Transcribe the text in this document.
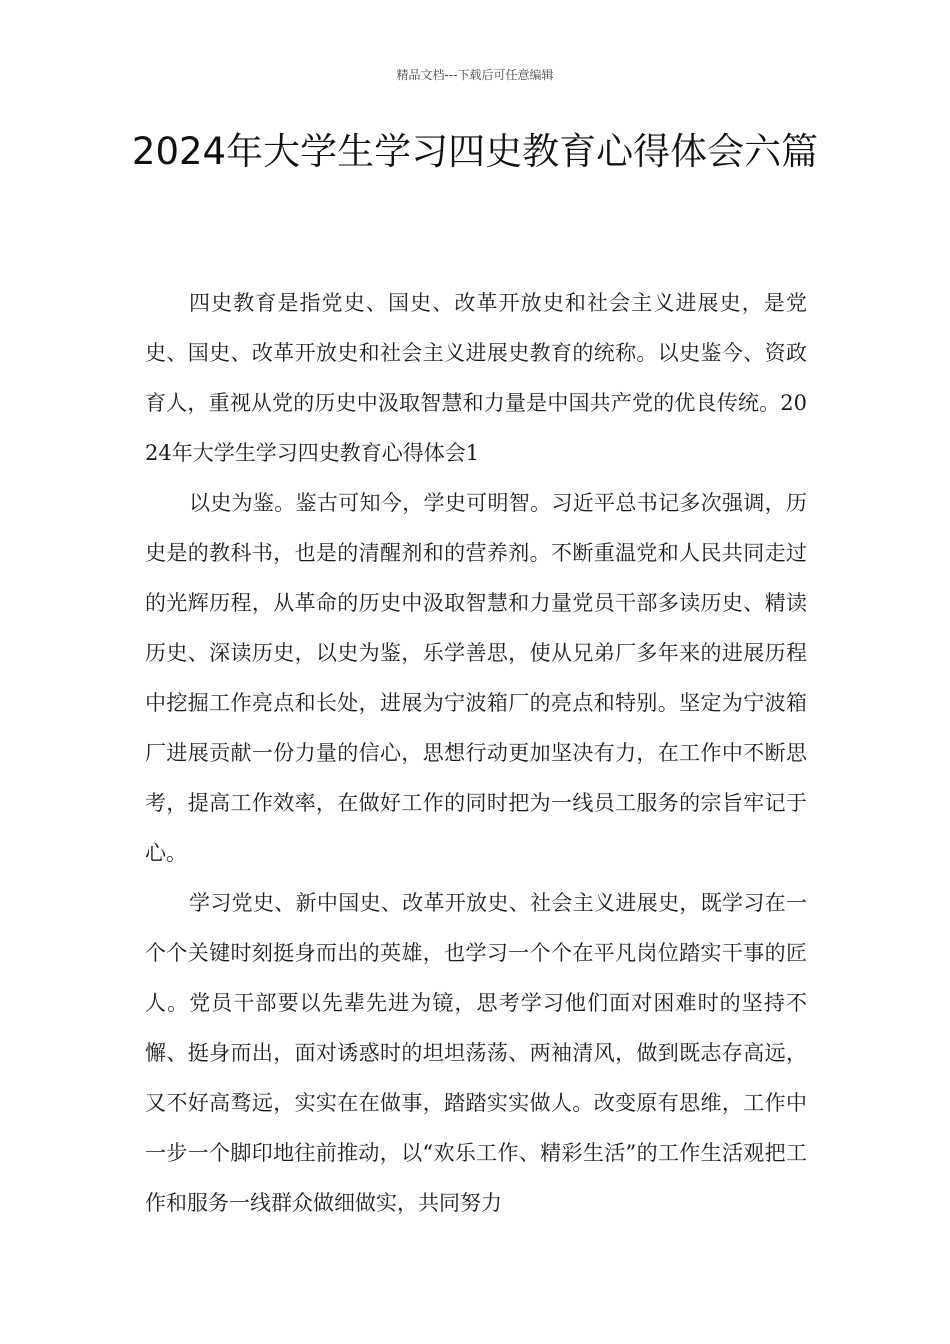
精品文档---下载后可任意编辑
2024年大学生学习四史教育心得体会六篇

四史教育是指党史、国史、改革开放史和社会主义进展史，是党史、国史、改革开放史和社会主义进展史教育的统称。以史鉴今、资政育人，重视从党的历史中汲取智慧和力量是中国共产党的优良传统。2024年大学生学习四史教育心得体会1

以史为鉴。鉴古可知今，学史可明智。习近平总书记多次强调，历史是的教科书，也是的清醒剂和的营养剂。不断重温党和人民共同走过的光辉历程，从革命的历史中汲取智慧和力量党员干部多读历史、精读历史、深读历史，以史为鉴，乐学善思，使从兄弟厂多年来的进展历程中挖掘工作亮点和长处，进展为宁波箱厂的亮点和特别。坚定为宁波箱厂进展贡献一份力量的信心，思想行动更加坚决有力，在工作中不断思考，提高工作效率，在做好工作的同时把为一线员工服务的宗旨牢记于心。

学习党史、新中国史、改革开放史、社会主义进展史，既学习在一个个关键时刻挺身而出的英雄，也学习一个个在平凡岗位踏实干事的匠人。党员干部要以先辈先进为镜，思考学习他们面对困难时的坚持不懈、挺身而出，面对诱惑时的坦坦荡荡、两袖清风，做到既志存高远，又不好高骛远，实实在在做事，踏踏实实做人。改变原有思维，工作中一步一个脚印地往前推动，以“欢乐工作、精彩生活”的工作生活观把工作和服务一线群众做细做实，共同努力
